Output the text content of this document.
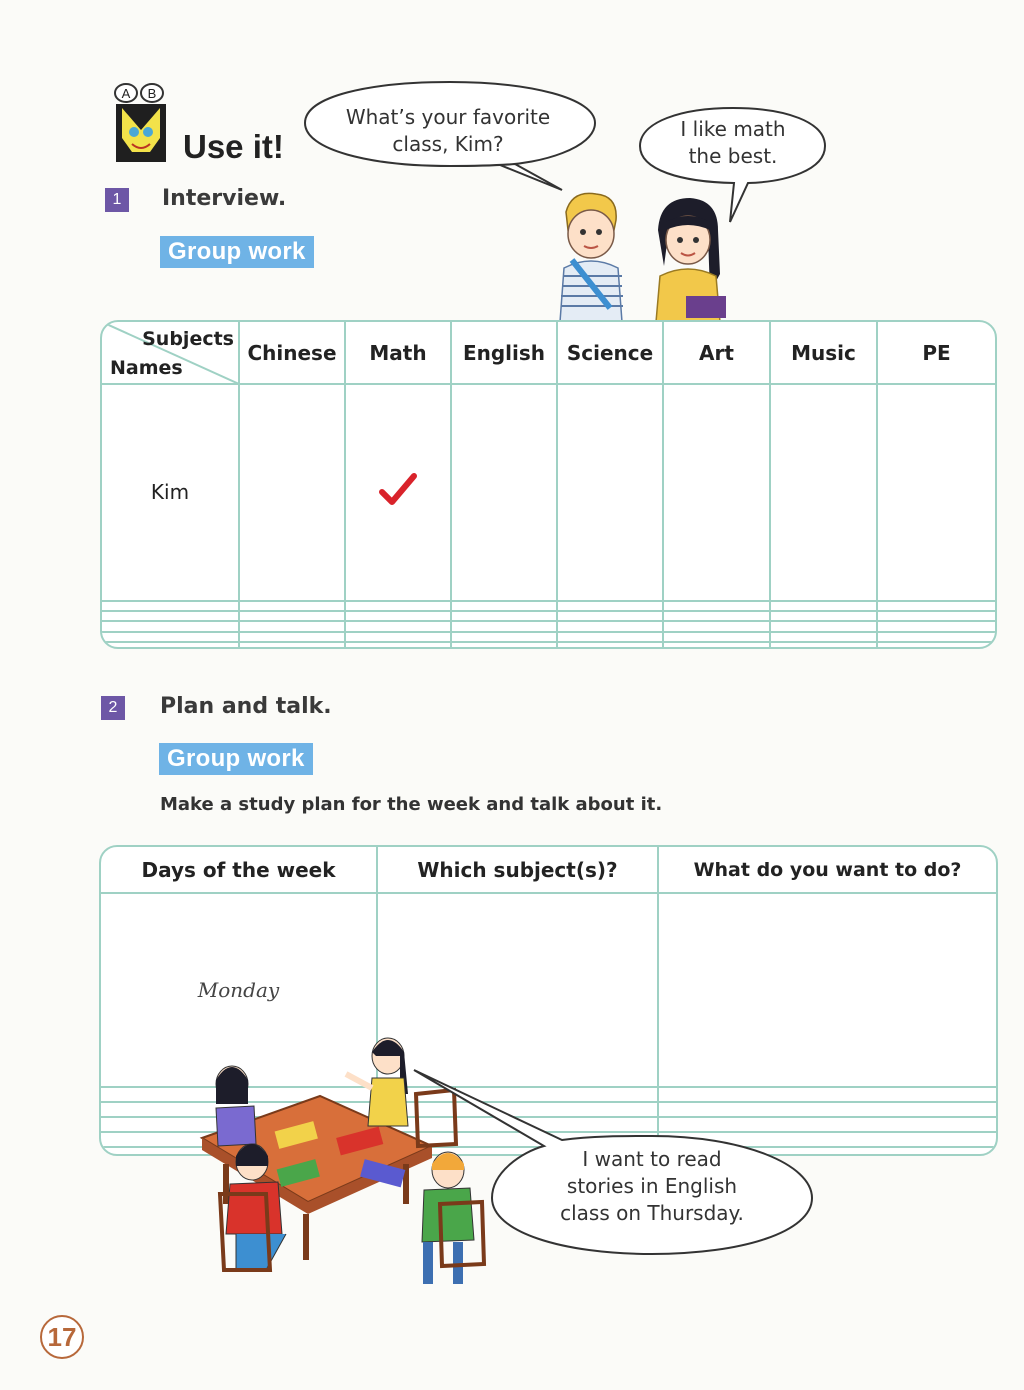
A B
Use it!
1	Interview.
Group work
What’s your favorite
class, Kim?
I like math
the best.
Subjects
Names	Chinese	Math	English	Science	Art	Music	PE
Kim							

2	Plan and talk.
Group work
Make a study plan for the week and talk about it.
Days of the week	Which subject(s)?	What do you want to do?
Monday		

I want to read
stories in English
class on Thursday.
17
